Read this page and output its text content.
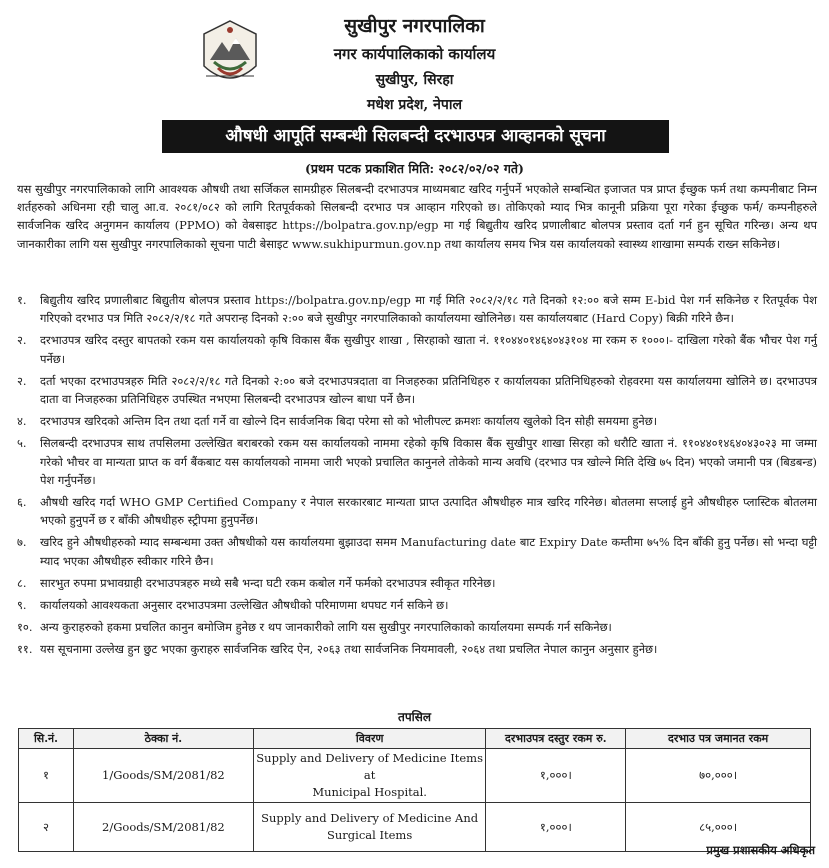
सुखीपुर नगरपालिका
नगर कार्यपालिकाको कार्यालय
सुखीपुर, सिरहा
मधेश प्रदेश, नेपाल
औषधी आपूर्ति सम्बन्धी सिलबन्दी दरभाउपत्र आव्हानको सूचना
(प्रथम पटक प्रकाशित मिति: २०८२/०२/०२ गते)
यस सुखीपुर नगरपालिकाको लागि आवश्यक औषधी तथा सर्जिकल सामग्रीहरु सिलबन्दी दरभाउपत्र माध्यमबाट खरिद गर्नुपर्ने भएकोले सम्बन्धित इजाजत पत्र प्राप्त ईच्छुक फर्म तथा कम्पनीबाट निम्न शर्तहरुको अधिनमा रही चालु आ.व. २०८१/०८२ को लागि रितपूर्वकको सिलबन्दी दरभाउ पत्र आव्हान गरिएको छ। तोकिएको म्याद भित्र कानूनी प्रक्रिया पूरा गरेका ईच्छुक फर्म/ कम्पनीहरुले सार्वजनिक खरिद अनुगमन कार्यालय (PPMO) को वेबसाइट https://bolpatra.gov.np/egp मा गई बिद्युतीय खरिद प्रणालीबाट बोलपत्र प्रस्ताव दर्ता गर्न हुन सूचित गरिन्छ। अन्य थप जानकारीका लागि यस सुखीपुर नगरपालिकाको सूचना पाटी बेसाइट www.sukhipurmun.gov.np तथा कार्यालय समय भित्र यस कार्यालयको स्वास्थ्य शाखामा सम्पर्क राख्न सकिनेछ।
१. बिद्युतीय खरिद प्रणालीबाट बिद्युतीय बोलपत्र प्रस्ताव https://bolpatra.gov.np/egp मा गई मिति २०८२/२/१८ गते दिनको १२:०० बजे सम्म E-bid पेश गर्न सकिनेछ र रितपूर्वक पेश गरिएको दरभाउ पत्र मिति २०८२/२/१८ गते अपरान्ह दिनको २:०० बजे सुखीपुर नगरपालिकाको कार्यालयमा खोलिनेछ। यस कार्यालयबाट (Hard Copy) बिक्री गरिने छैन।
२. दरभाउपत्र खरिद दस्तुर बापतको रकम यस कार्यालयको कृषि विकास बैंक सुखीपुर शाखा , सिरहाको खाता नं. ११०४४०१४६४०४३१०४ मा रकम रु १०००।- दाखिला गरेको बैंक भौचर पेश गर्नु पर्नेछ।
२. दर्ता भएका दरभाउपत्रहरु मिति २०८२/२/१८ गते दिनको २:०० बजे दरभाउपत्रदाता वा निजहरुका प्रतिनिधिहरु र कार्यालयका प्रतिनिधिहरुको रोहवरमा यस कार्यालयमा खोलिने छ। दरभाउपत्र दाता वा निजहरुका प्रतिनिधिहरु उपस्थित नभएमा सिलबन्दी दरभाउपत्र खोल्न बाधा पर्ने छैन।
४. दरभाउपत्र खरिदको अन्तिम दिन तथा दर्ता गर्ने वा खोल्ने दिन सार्वजनिक बिदा परेमा सो को भोलीपल्ट क्रमशः कार्यालय खुलेको दिन सोही समयमा हुनेछ।
५. सिलबन्दी दरभाउपत्र साथ तपसिलमा उल्लेखित बराबरको रकम यस कार्यालयको नाममा रहेको कृषि विकास बैंक सुखीपुर शाखा सिरहा को धरौटि खाता नं. ११०४४०१४६४०४३०२३ मा जम्मा गरेको भौचर वा मान्यता प्राप्त क वर्ग बैंकबाट यस कार्यालयको नाममा जारी भएको प्रचालित कानुनले तोकेको मान्य अवधि (दरभाउ पत्र खोल्ने मिति देखि ७५ दिन) भएको जमानी पत्र (बिडबन्ड) पेश गर्नुपर्नेछ।
६. औषधी खरिद गर्दा WHO GMP Certified Company र नेपाल सरकारबाट मान्यता प्राप्त उत्पादित औषधीहरु मात्र खरिद गरिनेछ। बोतलमा सप्लाई हुने औषधीहरु प्लास्टिक बोतलमा भएको हुनुपर्ने छ र बाँकी औषधीहरु स्ट्रीपमा हुनुपर्नेछ।
७. खरिद हुने औषधीहरुको म्याद सम्बन्धमा उक्त औषधीको यस कार्यालयमा बुझाउदा समम Manufacturing date बाट Expiry Date कम्तीमा ७५% दिन बाँकी हुनु पर्नेछ। सो भन्दा घट्टी म्याद भएका औषधीहरु स्वीकार गरिने छैन।
८. सारभुत रुपमा प्रभावग्राही दरभाउपत्रहरु मध्ये सबै भन्दा घटी रकम कबोल गर्ने फर्मको दरभाउपत्र स्वीकृत गरिनेछ।
९. कार्यालयको आवश्यकता अनुसार दरभाउपत्रमा उल्लेखित औषधीको परिमाणमा थपघट गर्न सकिने छ।
१०. अन्य कुराहरुको हकमा प्रचलित कानुन बमोजिम हुनेछ र थप जानकारीको लागि यस सुखीपुर नगरपालिकाको कार्यालयमा सम्पर्क गर्न सकिनेछ।
११. यस सूचनामा उल्लेख हुन छुट भएका कुराहरु सार्वजनिक खरिद ऐन, २०६३ तथा सार्वजनिक नियमावली, २०६४ तथा प्रचलित नेपाल कानुन अनुसार हुनेछ।
तपसिल
सि.नं.	ठेक्का नं.	विवरण	दरभाउपत्र दस्तुर रकम रु.	दरभाउ पत्र जमानत रकम
१	1/Goods/SM/2081/82	Supply and Delivery of Medicine Items at
Municipal Hospital.	१,०००।	७०,०००।
२	2/Goods/SM/2081/82	Supply and Delivery of Medicine And
Surgical Items	१,०००।	८५,०००।
प्रमुख प्रशासकीय अधिकृत
